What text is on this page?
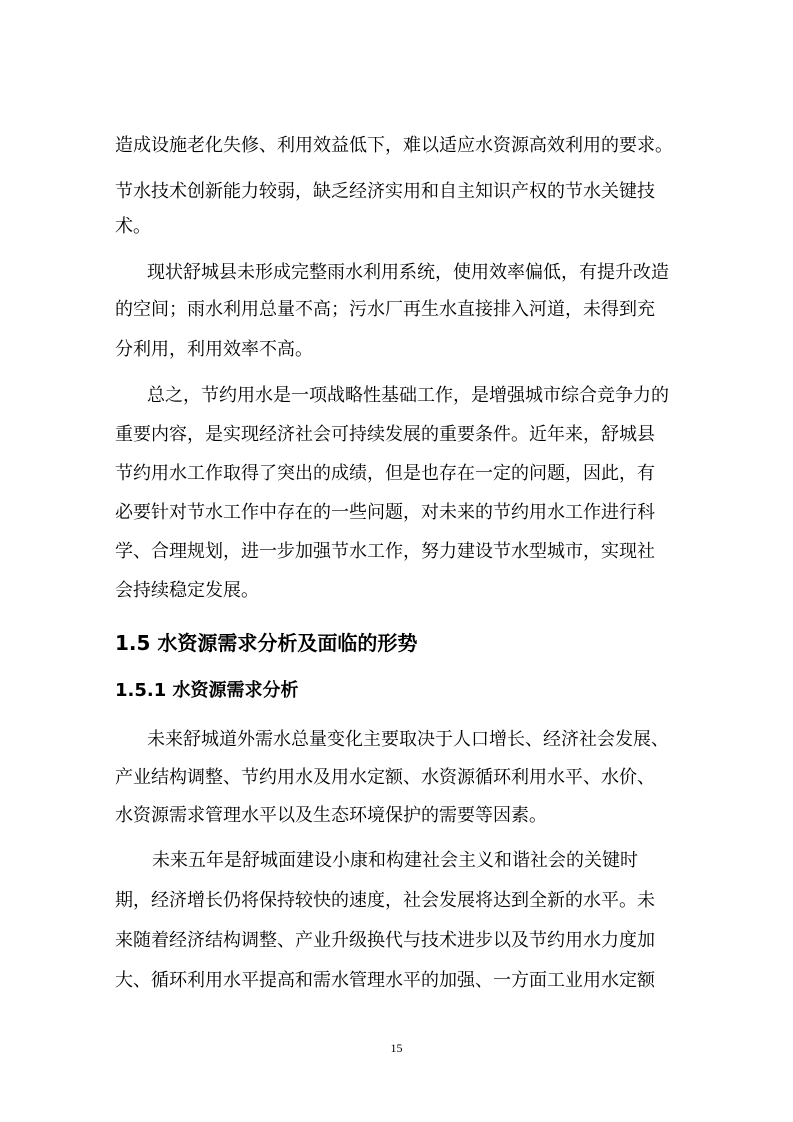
造成设施老化失修、利用效益低下，难以适应水资源高效利用的要求。
节水技术创新能力较弱，缺乏经济实用和自主知识产权的节水关键技
术。
现状舒城县未形成完整雨水利用系统，使用效率偏低，有提升改造
的空间；雨水利用总量不高；污水厂再生水直接排入河道，未得到充
分利用，利用效率不高。
总之，节约用水是一项战略性基础工作，是增强城市综合竞争力的
重要内容，是实现经济社会可持续发展的重要条件。近年来，舒城县
节约用水工作取得了突出的成绩，但是也存在一定的问题，因此，有
必要针对节水工作中存在的一些问题，对未来的节约用水工作进行科
学、合理规划，进一步加强节水工作，努力建设节水型城市，实现社
会持续稳定发展。
1.5 水资源需求分析及面临的形势
1.5.1 水资源需求分析
未来舒城道外需水总量变化主要取决于人口增长、经济社会发展、
产业结构调整、节约用水及用水定额、水资源循环利用水平、水价、
水资源需求管理水平以及生态环境保护的需要等因素。
未来五年是舒城面建设小康和构建社会主义和谐社会的关键时
期，经济增长仍将保持较快的速度，社会发展将达到全新的水平。未
来随着经济结构调整、产业升级换代与技术进步以及节约用水力度加
大、循环利用水平提高和需水管理水平的加强、一方面工业用水定额
15
